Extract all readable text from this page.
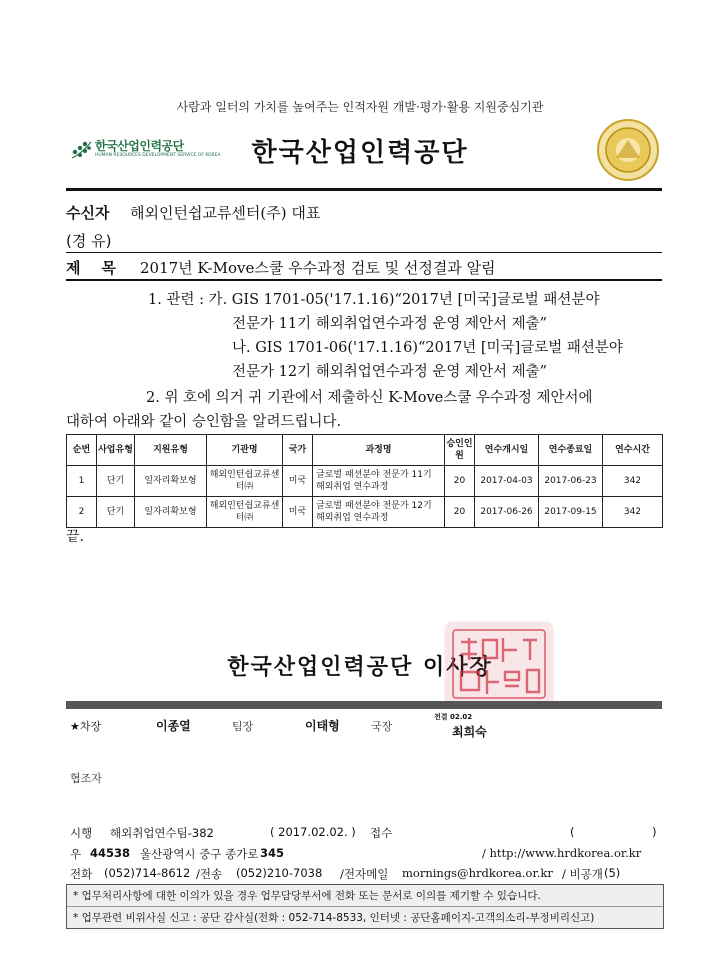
사람과 일터의 가치를 높여주는 인적자원 개발·평가·활용 지원중심기관
한국산업인력공단
HUMAN RESOURCES DEVELOPMENT SERVICE OF KOREA	한국산업인력공단
수신자 해외인턴쉽교류센터(주) 대표
(경 유)
제    목 2017년 K-Move스쿨 우수과정 검토 및 선정결과 알림
1. 관련 : 가. GIS 1701-05('17.1.16)“2017년 [미국]글로벌 패션분야
전문가 11기 해외취업연수과정 운영 제안서 제출”
나. GIS 1701-06('17.1.16)“2017년 [미국]글로벌 패션분야
전문가 12기 해외취업연수과정 운영 제안서 제출”
2. 위 호에 의거 귀 기관에서 제출하신 K-Move스쿨 우수과정 제안서에
대하여 아래와 같이 승인함을 알려드립니다.
순번	사업유형	지원유형	기관명	국가	과정명	승인인원	연수개시일	연수종료일	연수시간
1	단기	일자리확보형	해외인턴쉽교류센터㈜	미국	글로벌 패션분야 전문가 11기 해외취업 연수과정	20	2017-04-03	2017-06-23	342
2	단기	일자리확보형	해외인턴쉽교류센터㈜	미국	글로벌 패션분야 전문가 12기 해외취업 연수과정	20	2017-06-26	2017-09-15	342
끝.
한국산업인력공단 이사장
★차장	이종열	팀장	이태형	국장
전결 02.02
최희숙
협조자
시행 해외취업연수팀-382	( 2017.02.02. ) 접수	(	)
우 44538 울산광역시 중구 종가로 345	/ http://www.hrdkorea.or.kr
전화 (052)714-8612 /전송 (052)210-7038 /전자메일 mornings@hrdkorea.or.kr / 비공개 (5)
* 업무처리사항에 대한 이의가 있을 경우 업무담당부서에 전화 또는 문서로 이의를 제기할 수 있습니다.
* 업무관련 비위사실 신고 : 공단 감사실(전화 : 052-714-8533, 인터넷 : 공단홈페이지-고객의소리-부정비리신고)
